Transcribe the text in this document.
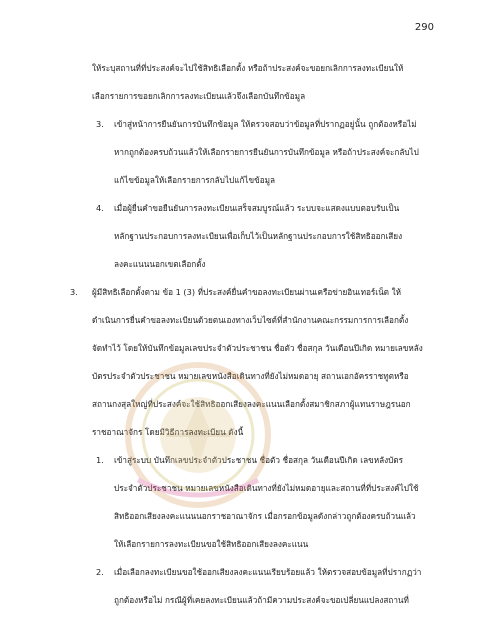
290
ให้ระบุสถานที่ที่ประสงค์จะไปใช้สิทธิเลือกตั้ง หรือถ้าประสงค์จะขอยกเลิกการลงทะเบียนให้
เลือกรายการขอยกเลิกการลงทะเบียนแล้วจึงเลือกบันทึกข้อมูล
3. เข้าสู่หน้าการยืนยันการบันทึกข้อมูล ให้ตรวจสอบว่าข้อมูลที่ปรากฏอยู่นั้น ถูกต้องหรือไม่
หากถูกต้องครบถ้วนแล้วให้เลือกรายการยืนยันการบันทึกข้อมูล หรือถ้าประสงค์จะกลับไป
แก้ไขข้อมูลให้เลือกรายการกลับไปแก้ไขข้อมูล
4. เมื่อผู้ยื่นคำขอยืนยันการลงทะเบียนเสร็จสมบูรณ์แล้ว ระบบจะแสดงแบบตอบรับเป็น
หลักฐานประกอบการลงทะเบียนเพื่อเก็บไว้เป็นหลักฐานประกอบการใช้สิทธิออกเสียง
ลงคะแนนนอกเขตเลือกตั้ง
3. ผู้มีสิทธิเลือกตั้งตาม ข้อ 1 (3) ที่ประสงค์ยื่นคำขอลงทะเบียนผ่านเครือข่ายอินเทอร์เน็ต ให้
ดำเนินการยื่นคำขอลงทะเบียนด้วยตนเองทางเว็บไซต์ที่สำนักงานคณะกรรมการการเลือกตั้ง
จัดทำไว้ โดยให้บันทึกข้อมูลเลขประจำตัวประชาชน ชื่อตัว ชื่อสกุล วันเดือนปีเกิด หมายเลขหลัง
บัตรประจำตัวประชาชน หมายเลขหนังสือเดินทางที่ยังไม่หมดอายุ สถานเอกอัครราชทูตหรือ
สถานกงสุลใหญ่ที่ประสงค์จะใช้สิทธิออกเสียงลงคะแนนเลือกตั้งสมาชิกสภาผู้แทนราษฎรนอก
ราชอาณาจักร โดยมีวิธีการลงทะเบียน ดังนี้
1. เข้าสู่ระบบ บันทึกเลขประจำตัวประชาชน ชื่อตัว ชื่อสกุล วันเดือนปีเกิด เลขหลังบัตร
ประจำตัวประชาชน หมายเลขหนังสือเดินทางที่ยังไม่หมดอายุและสถานที่ที่ประสงค์ไปใช้
สิทธิออกเสียงลงคะแนนนอกราชอาณาจักร เมื่อกรอกข้อมูลดังกล่าวถูกต้องครบถ้วนแล้ว
ให้เลือกรายการลงทะเบียนขอใช้สิทธิออกเสียงลงคะแนน
2. เมื่อเลือกลงทะเบียนขอใช้ออกเสียงลงคะแนนเรียบร้อยแล้ว ให้ตรวจสอบข้อมูลที่ปรากฏว่า
ถูกต้องหรือไม่ กรณีผู้ที่เคยลงทะเบียนแล้วถ้ามีความประสงค์จะขอเปลี่ยนแปลงสถานที่
